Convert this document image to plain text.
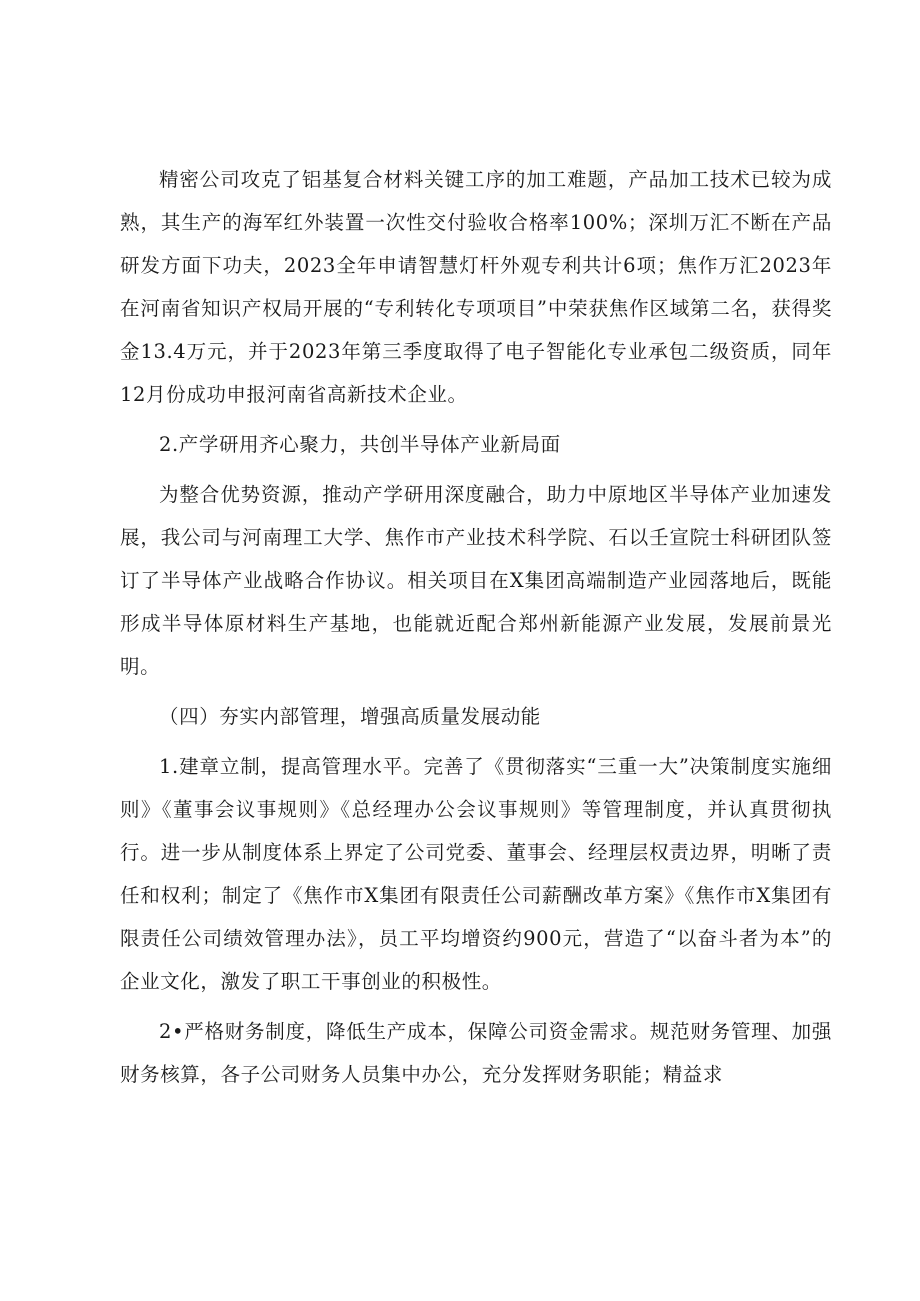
精密公司攻克了铝基复合材料关键工序的加工难题，产品加工技术已较为成熟，其生产的海军红外装置一次性交付验收合格率100%；深圳万汇不断在产品研发方面下功夫，2023全年申请智慧灯杆外观专利共计6项；焦作万汇2023年在河南省知识产权局开展的“专利转化专项项目”中荣获焦作区域第二名，获得奖金13.4万元，并于2023年第三季度取得了电子智能化专业承包二级资质，同年12月份成功申报河南省高新技术企业。

2.产学研用齐心聚力，共创半导体产业新局面

为整合优势资源，推动产学研用深度融合，助力中原地区半导体产业加速发展，我公司与河南理工大学、焦作市产业技术科学院、石以壬宣院士科研团队签订了半导体产业战略合作协议。相关项目在X集团高端制造产业园落地后，既能形成半导体原材料生产基地，也能就近配合郑州新能源产业发展，发展前景光明。

（四）夯实内部管理，增强高质量发展动能

1.建章立制，提高管理水平。完善了《贯彻落实“三重一大”决策制度实施细则》《董事会议事规则》《总经理办公会议事规则》等管理制度，并认真贯彻执行。进一步从制度体系上界定了公司党委、董事会、经理层权责边界，明晰了责任和权利；制定了《焦作市X集团有限责任公司薪酬改革方案》《焦作市X集团有限责任公司绩效管理办法》，员工平均增资约900元，营造了“以奋斗者为本”的企业文化，激发了职工干事创业的积极性。

2•严格财务制度，降低生产成本，保障公司资金需求。规范财务管理、加强财务核算，各子公司财务人员集中办公，充分发挥财务职能；精益求
